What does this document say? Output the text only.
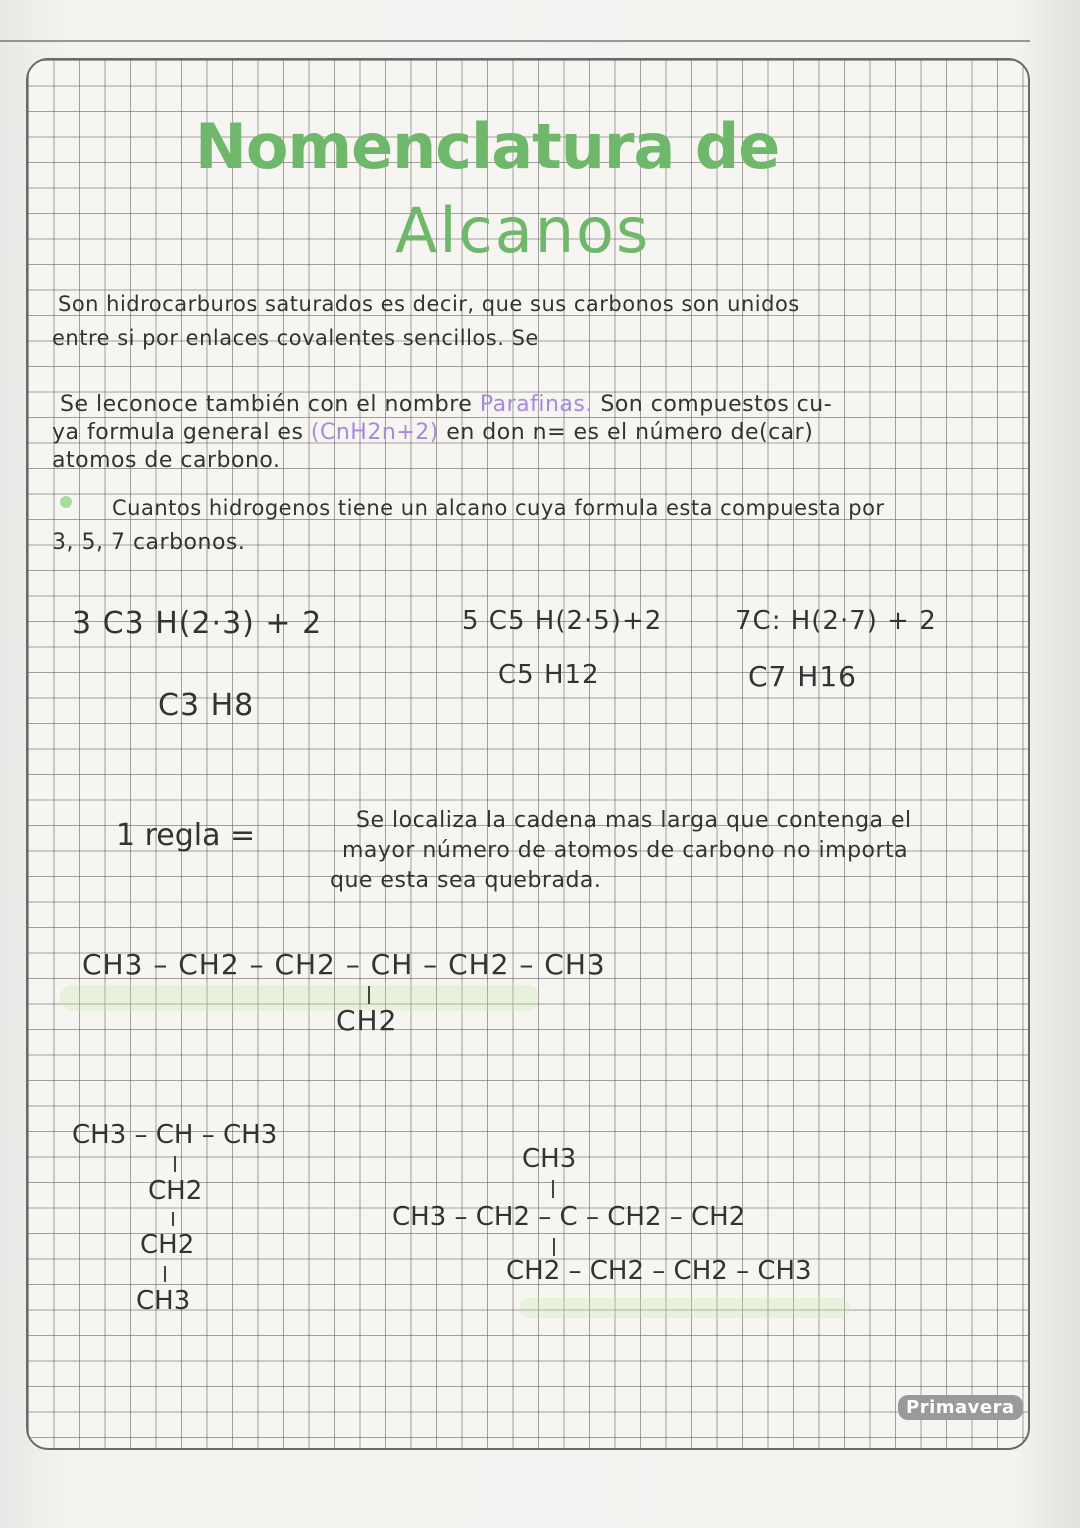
Nomenclatura de
Alcanos
Son hidrocarburos saturados es decir, que sus carbonos son unidos
entre si por enlaces covalentes sencillos. Se
Se leconoce también con el nombre Parafinas. Son compuestos cu-
ya formula general es (CnH2n+2) en don n= es el número de(car)
atomos de carbono.
Cuantos hidrogenos tiene un alcano cuya formula esta compuesta por
3, 5, 7 carbonos.
3 C3 H(2·3) + 2
C3 H8
5 C5 H(2·5)+2
C5 H12
7C: H(2·7) + 2
C7 H16
1 regla =	Se localiza la cadena mas larga que contenga el
mayor número de atomos de carbono no importa
que esta sea quebrada.
CH3 – CH2 – CH2 – CH – CH2 – CH3
CH2
CH3 – CH – CH3
CH2
CH2
CH3
CH3
CH3 – CH2 – C – CH2 – CH2
CH2 – CH2 – CH2 – CH3
Primavera
